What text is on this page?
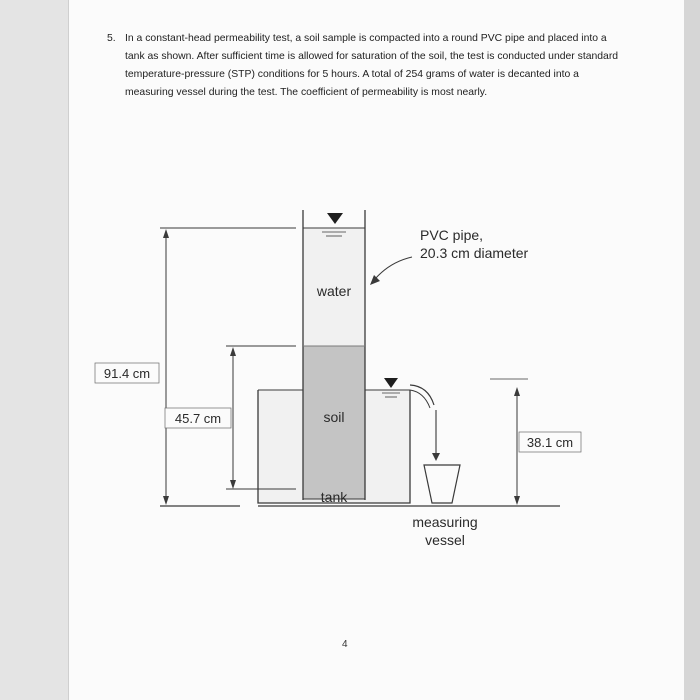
5. In a constant-head permeability test, a soil sample is compacted into a round PVC pipe and placed into a tank as shown. After sufficient time is allowed for saturation of the soil, the test is conducted under standard temperature-pressure (STP) conditions for 5 hours. A total of 254 grams of water is decanted into a measuring vessel during the test. The coefficient of permeability is most nearly.
PVC pipe,
20.3 cm diameter
water
soil
tank
measuring
vessel
91.4 cm
45.7 cm
38.1 cm
4
